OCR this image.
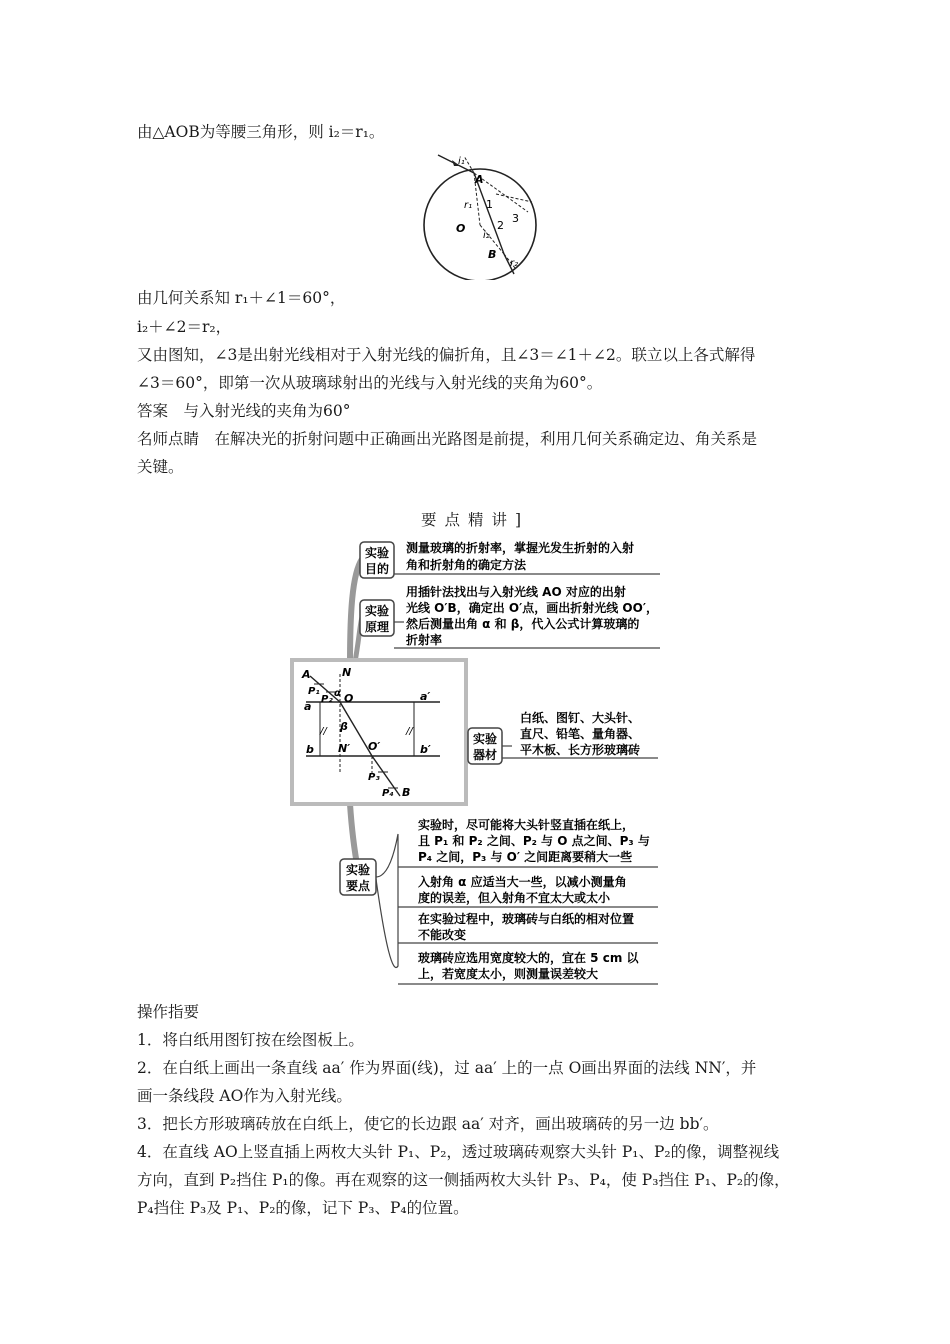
由△AOB为等腰三角形，则 i₂＝r₁。

i₁
A
r₁ 1
3
O	2
i₂
B
r₂

由几何关系知 r₁＋∠1＝60°，

i₂＋∠2＝r₂，

又由图知，∠3是出射光线相对于入射光线的偏折角，且∠3＝∠1＋∠2。联立以上各式解得

∠3＝60°，即第一次从玻璃球射出的光线与入射光线的夹角为60°。

答案　与入射光线的夹角为60°

名师点睛　在解决光的折射问题中正确画出光路图是前提，利用几何关系确定边、角关系是

关键。

要点精讲]
实验
目的
测量玻璃的折射率，掌握光发生折射的入射
角和折射角的确定方法
实验
原理
用插针法找出与入射光线 AO 对应的出射
光线 O′B，确定出 O′点，画出折射光线 OO′，
然后测量出角 α 和 β，代入公式计算玻璃的
折射率
A	N
P₁
P₂
α O
a
a′
β
//	//
b N′ O′	b′
P₃
P₄ B
实验
器材
白纸、图钉、大头针、
直尺、铅笔、量角器、
平木板、长方形玻璃砖
实验
要点
实验时，尽可能将大头针竖直插在纸上，
且 P₁ 和 P₂ 之间、P₂ 与 O 点之间、P₃ 与
P₄ 之间，P₃ 与 O′ 之间距离要稍大一些
入射角 α 应适当大一些，以减小测量角
度的误差，但入射角不宜太大或太小
在实验过程中，玻璃砖与白纸的相对位置
不能改变
玻璃砖应选用宽度较大的，宜在 5 cm 以
上，若宽度太小，则测量误差较大

操作指要

1．将白纸用图钉按在绘图板上。

2．在白纸上画出一条直线 aa′ 作为界面(线)，过 aa′ 上的一点 O画出界面的法线 NN′，并

画一条线段 AO作为入射光线。

3．把长方形玻璃砖放在白纸上，使它的长边跟 aa′ 对齐，画出玻璃砖的另一边 bb′。

4．在直线 AO上竖直插上两枚大头针 P₁、P₂，透过玻璃砖观察大头针 P₁、P₂的像，调整视线

方向，直到 P₂挡住 P₁的像。再在观察的这一侧插两枚大头针 P₃、P₄，使 P₃挡住 P₁、P₂的像，

P₄挡住 P₃及 P₁、P₂的像，记下 P₃、P₄的位置。
